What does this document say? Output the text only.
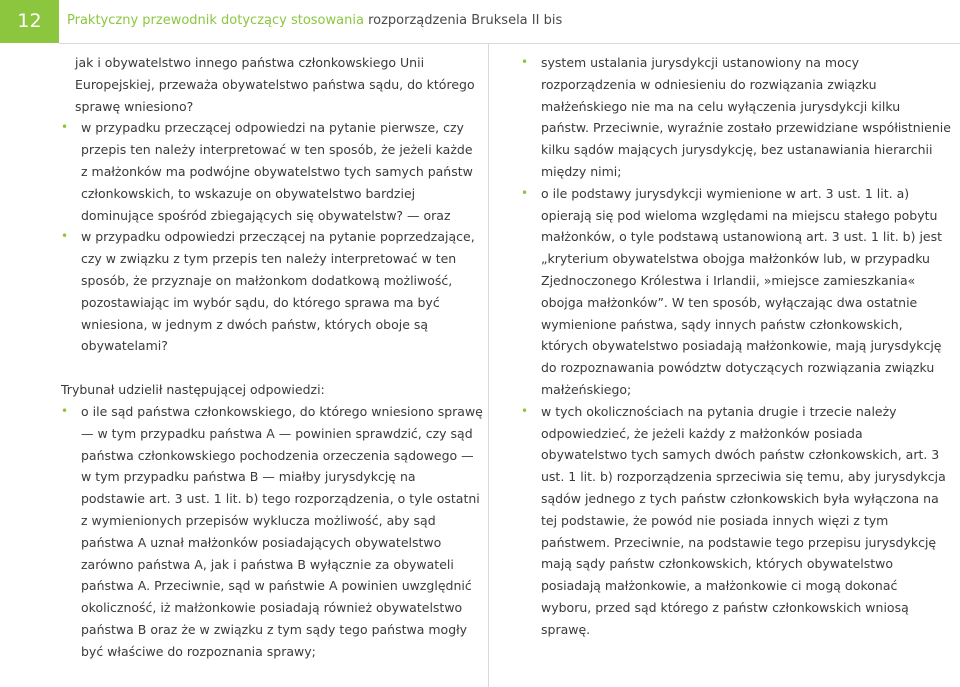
12	Praktyczny przewodnik dotyczący stosowania rozporządzenia Bruksela II bis

jak i obywatelstwo innego państwa członkowskiego Unii Europejskiej, przeważa obywatelstwo państwa sądu, do którego sprawę wniesiono?

• w przypadku przeczącej odpowiedzi na pytanie pierwsze, czy przepis ten należy interpretować w ten sposób, że jeżeli każde z małżonków ma podwójne obywatelstwo tych samych państw członkowskich, to wskazuje on obywatelstwo bardziej dominujące spośród zbiegających się obywatelstw? — oraz
• w przypadku odpowiedzi przeczącej na pytanie poprzedzające, czy w związku z tym przepis ten należy interpretować w ten sposób, że przyznaje on małżonkom dodatkową możliwość, pozostawiając im wybór sądu, do którego sprawa ma być wniesiona, w jednym z dwóch państw, których oboje są obywatelami?

Trybunał udzielił następującej odpowiedzi:

• o ile sąd państwa członkowskiego, do którego wniesiono sprawę — w tym przypadku państwa A — powinien sprawdzić, czy sąd państwa członkowskiego pochodzenia orzeczenia sądowego — w tym przypadku państwa B — miałby jurysdykcję na podstawie art. 3 ust. 1 lit. b) tego rozporządzenia, o tyle ostatni z wymienionych przepisów wyklucza możliwość, aby sąd państwa A uznał małżonków posiadających obywatelstwo zarówno państwa A, jak i państwa B wyłącznie za obywateli państwa A. Przeciwnie, sąd w państwie A powinien uwzględnić okoliczność, iż małżonkowie posiadają również obywatelstwo państwa B oraz że w związku z tym sądy tego państwa mogły być właściwe do rozpoznania sprawy;
• system ustalania jurysdykcji ustanowiony na mocy rozporządzenia w odniesieniu do rozwiązania związku małżeńskiego nie ma na celu wyłączenia jurysdykcji kilku państw. Przeciwnie, wyraźnie zostało przewidziane współistnienie kilku sądów mających jurysdykcję, bez ustanawiania hierarchii między nimi;
• o ile podstawy jurysdykcji wymienione w art. 3 ust. 1 lit. a) opierają się pod wieloma względami na miejscu stałego pobytu małżonków, o tyle podstawą ustanowioną art. 3 ust. 1 lit. b) jest „kryterium obywatelstwa obojga małżonków lub, w przypadku Zjednoczonego Królestwa i Irlandii, »miejsce zamieszkania« obojga małżonków”. W ten sposób, wyłączając dwa ostatnie wymienione państwa, sądy innych państw członkowskich, których obywatelstwo posiadają małżonkowie, mają jurysdykcję do rozpoznawania powództw dotyczących rozwiązania związku małżeńskiego;
• w tych okolicznościach na pytania drugie i trzecie należy odpowiedzieć, że jeżeli każdy z małżonków posiada obywatelstwo tych samych dwóch państw członkowskich, art. 3 ust. 1 lit. b) rozporządzenia sprzeciwia się temu, aby jurysdykcja sądów jednego z tych państw członkowskich była wyłączona na tej podstawie, że powód nie posiada innych więzi z tym państwem. Przeciwnie, na podstawie tego przepisu jurysdykcję mają sądy państw członkowskich, których obywatelstwo posiadają małżonkowie, a małżonkowie ci mogą dokonać wyboru, przed sąd którego z państw członkowskich wniosą sprawę.
